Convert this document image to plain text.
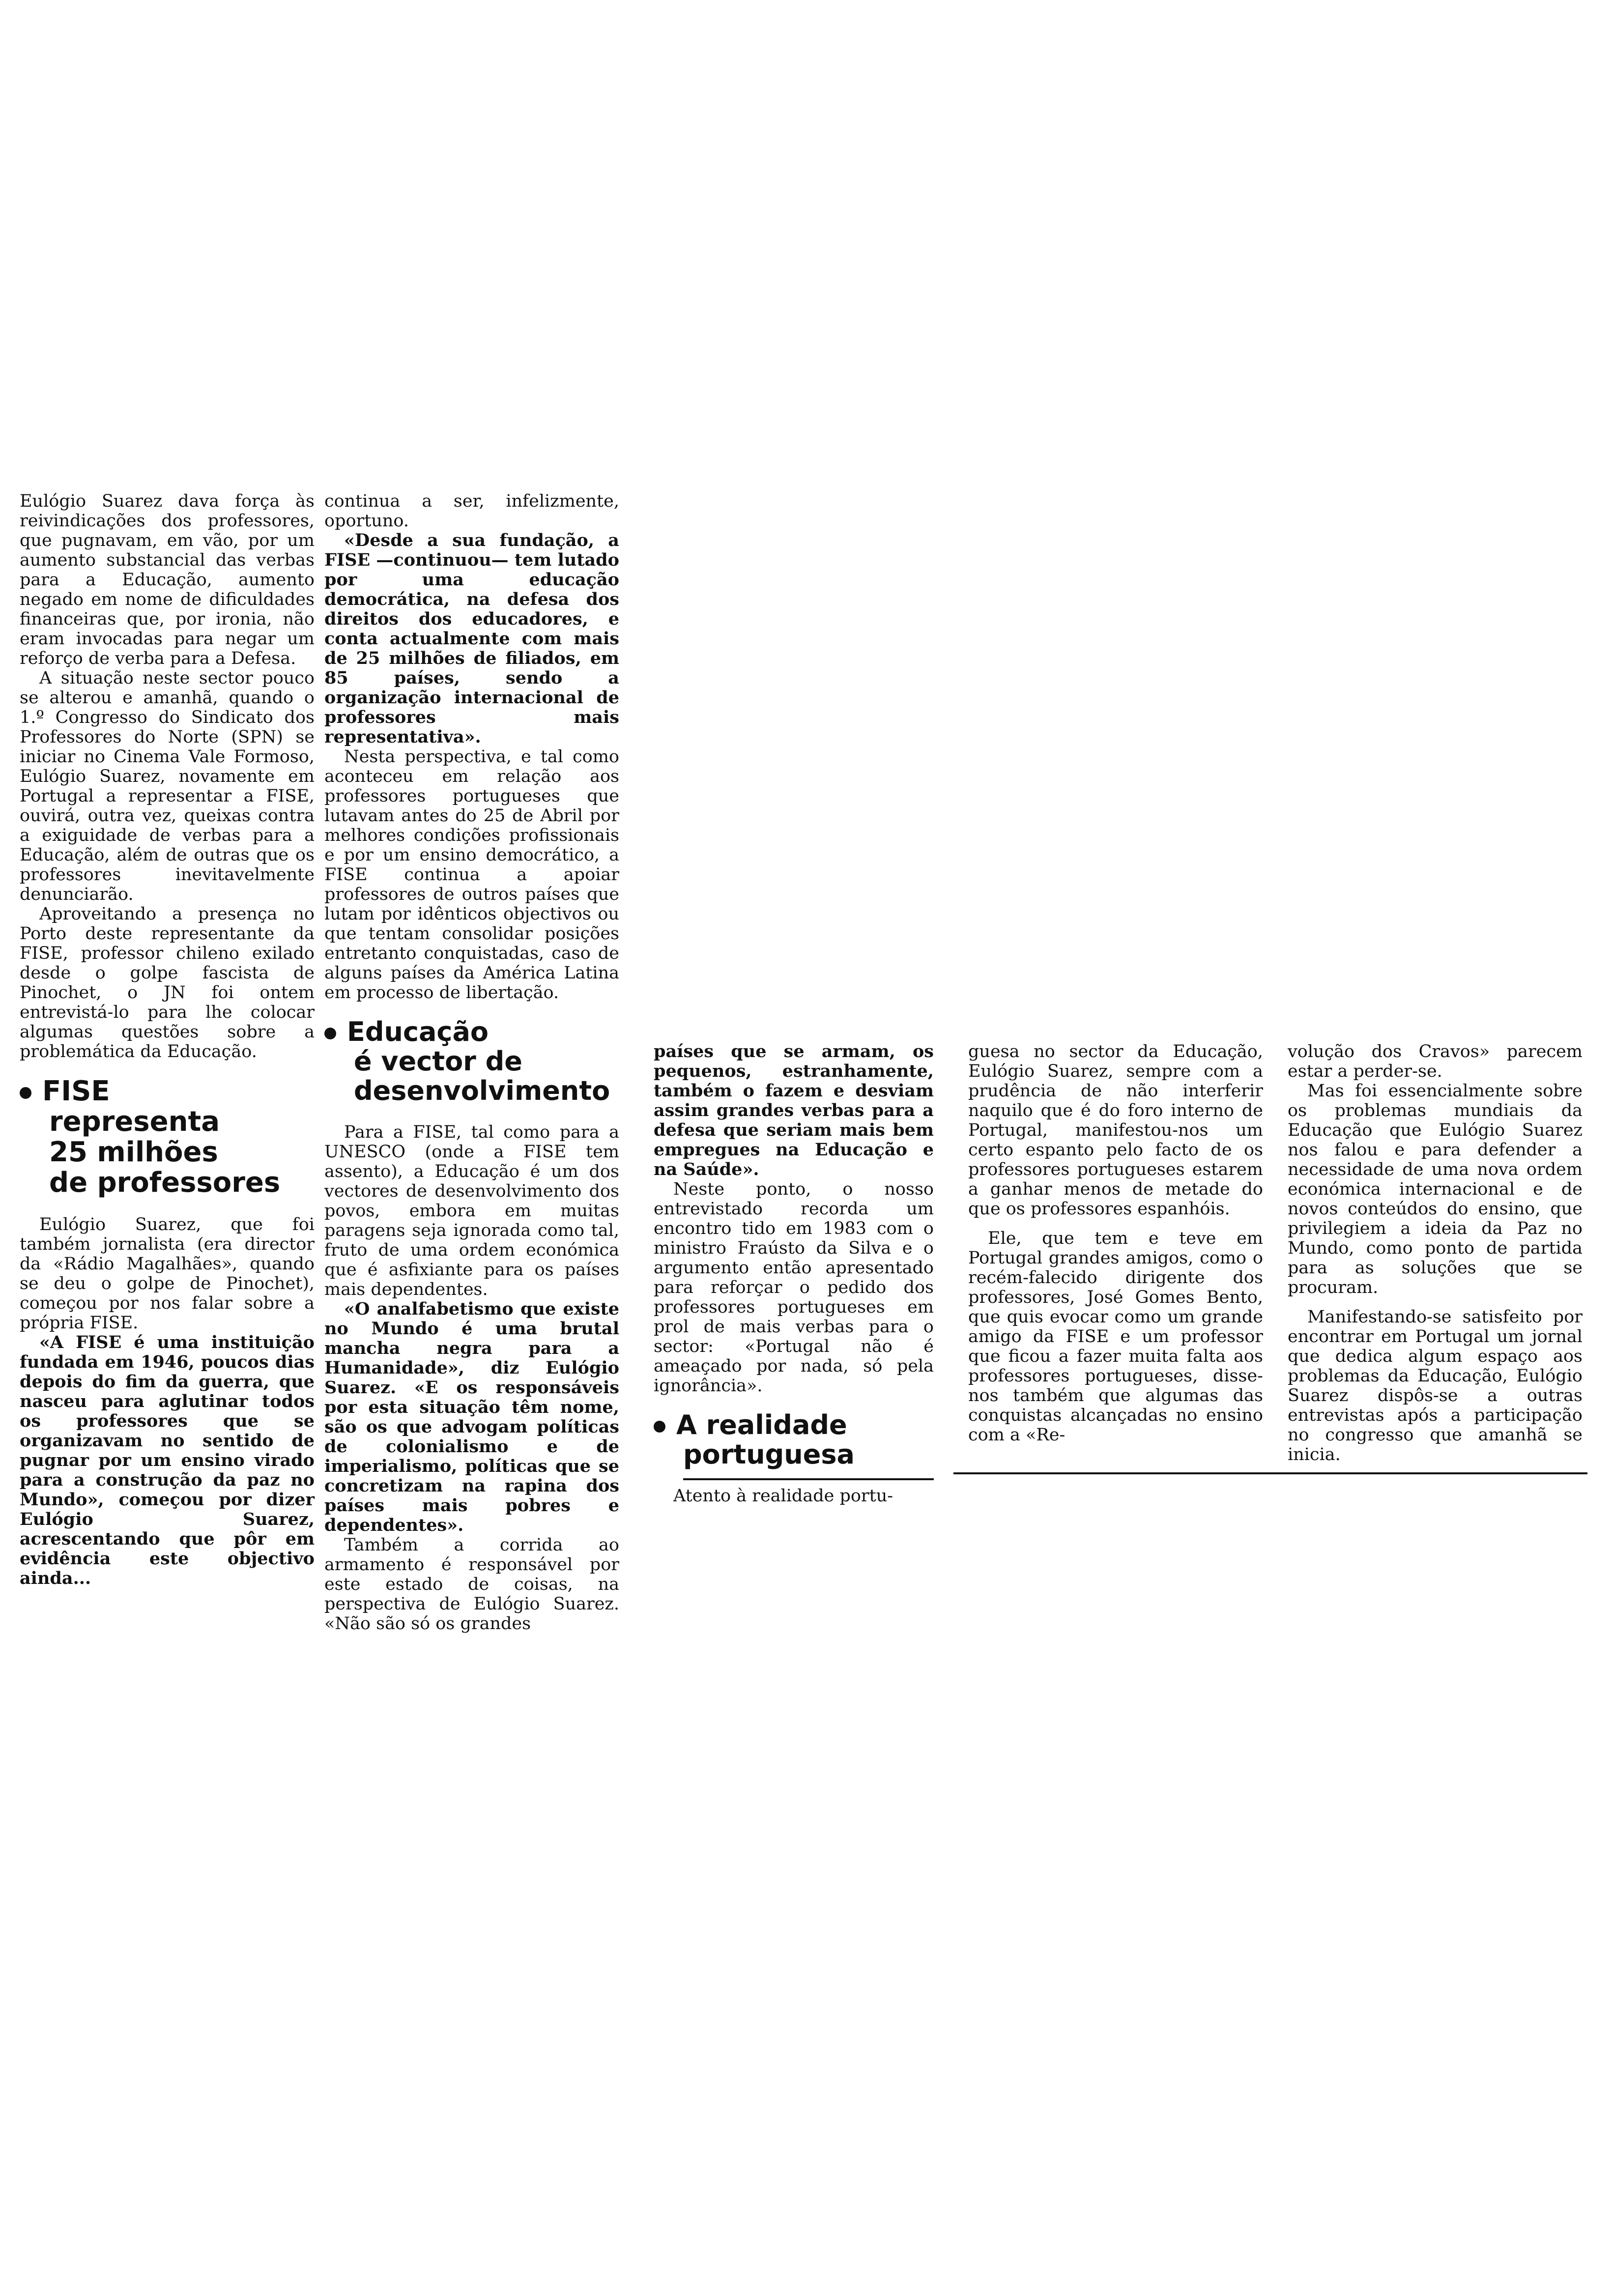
Eulógio Suarez dava força às reivindicações dos professores, que pugnavam, em vão, por um aumento substancial das verbas para a Educação, aumento negado em nome de dificuldades financeiras que, por ironia, não eram invocadas para negar um reforço de verba para a Defesa.

A situação neste sector pouco se alterou e amanhã, quando o 1.º Congresso do Sindicato dos Professores do Norte (SPN) se iniciar no Cinema Vale Formoso, Eulógio Suarez, novamente em Portugal a representar a FISE, ouvirá, outra vez, queixas contra a exiguidade de verbas para a Educação, além de outras que os professores inevitavelmente denunciarão.

Aproveitando a presença no Porto deste representante da FISE, professor chileno exilado desde o golpe fascista de Pinochet, o JN foi ontem entrevistá-lo para lhe colocar algumas questões sobre a problemática da Educação.

FISE
representa
25 milhões
de professores

Eulógio Suarez, que foi também jornalista (era director da «Rádio Magalhães», quando se deu o golpe de Pinochet), começou por nos falar sobre a própria FISE.

«A FISE é uma instituição fundada em 1946, poucos dias depois do fim da guerra, que nasceu para aglutinar todos os professores que se organizavam no sentido de pugnar por um ensino virado para a construção da paz no Mundo», começou por dizer Eulógio Suarez, acrescentando que pôr em evidência este objectivo ainda...

continua a ser, infelizmente, oportuno.

«Desde a sua fundação, a FISE —continuou— tem lutado por uma educação democrática, na defesa dos direitos dos educadores, e conta actualmente com mais de 25 milhões de filiados, em 85 países, sendo a organização internacional de professores mais representativa».

Nesta perspectiva, e tal como aconteceu em relação aos professores portugueses que lutavam antes do 25 de Abril por melhores condições profissionais e por um ensino democrático, a FISE continua a apoiar professores de outros países que lutam por idênticos objectivos ou que tentam consolidar posições entretanto conquistadas, caso de alguns países da América Latina em processo de libertação.

Educação
é vector de
desenvolvimento

Para a FISE, tal como para a UNESCO (onde a FISE tem assento), a Educação é um dos vectores de desenvolvimento dos povos, embora em muitas paragens seja ignorada como tal, fruto de uma ordem económica que é asfixiante para os países mais dependentes.

«O analfabetismo que existe no Mundo é uma brutal mancha negra para a Humanidade», diz Eulógio Suarez. «E os responsáveis por esta situação têm nome, são os que advogam políticas de colonialismo e de imperialismo, políticas que se concretizam na rapina dos países mais pobres e dependentes».

Também a corrida ao armamento é responsável por este estado de coisas, na perspectiva de Eulógio Suarez. «Não são só os grandes

países que se armam, os pequenos, estranhamente, também o fazem e desviam assim grandes verbas para a defesa que seriam mais bem empregues na Educação e na Saúde».

Neste ponto, o nosso entrevistado recorda um encontro tido em 1983 com o ministro Fraústo da Silva e o argumento então apresentado para reforçar o pedido dos professores portugueses em prol de mais verbas para o sector: «Portugal não é ameaçado por nada, só pela ignorância».

A realidade
portuguesa

Atento à realidade portu-

guesa no sector da Educação, Eulógio Suarez, sempre com a prudência de não interferir naquilo que é do foro interno de Portugal, manifestou-nos um certo espanto pelo facto de os professores portugueses estarem a ganhar menos de metade do que os professores espanhóis.

Ele, que tem e teve em Portugal grandes amigos, como o recém-falecido dirigente dos professores, José Gomes Bento, que quis evocar como um grande amigo da FISE e um professor que ficou a fazer muita falta aos professores portugueses, disse-nos também que algumas das conquistas alcançadas no ensino com a «Re-

volução dos Cravos» parecem estar a perder-se.

Mas foi essencialmente sobre os problemas mundiais da Educação que Eulógio Suarez nos falou e para defender a necessidade de uma nova ordem económica internacional e de novos conteúdos do ensino, que privilegiem a ideia da Paz no Mundo, como ponto de partida para as soluções que se procuram.

Manifestando-se satisfeito por encontrar em Portugal um jornal que dedica algum espaço aos problemas da Educação, Eulógio Suarez dispôs-se a outras entrevistas após a participação no congresso que amanhã se inicia.
